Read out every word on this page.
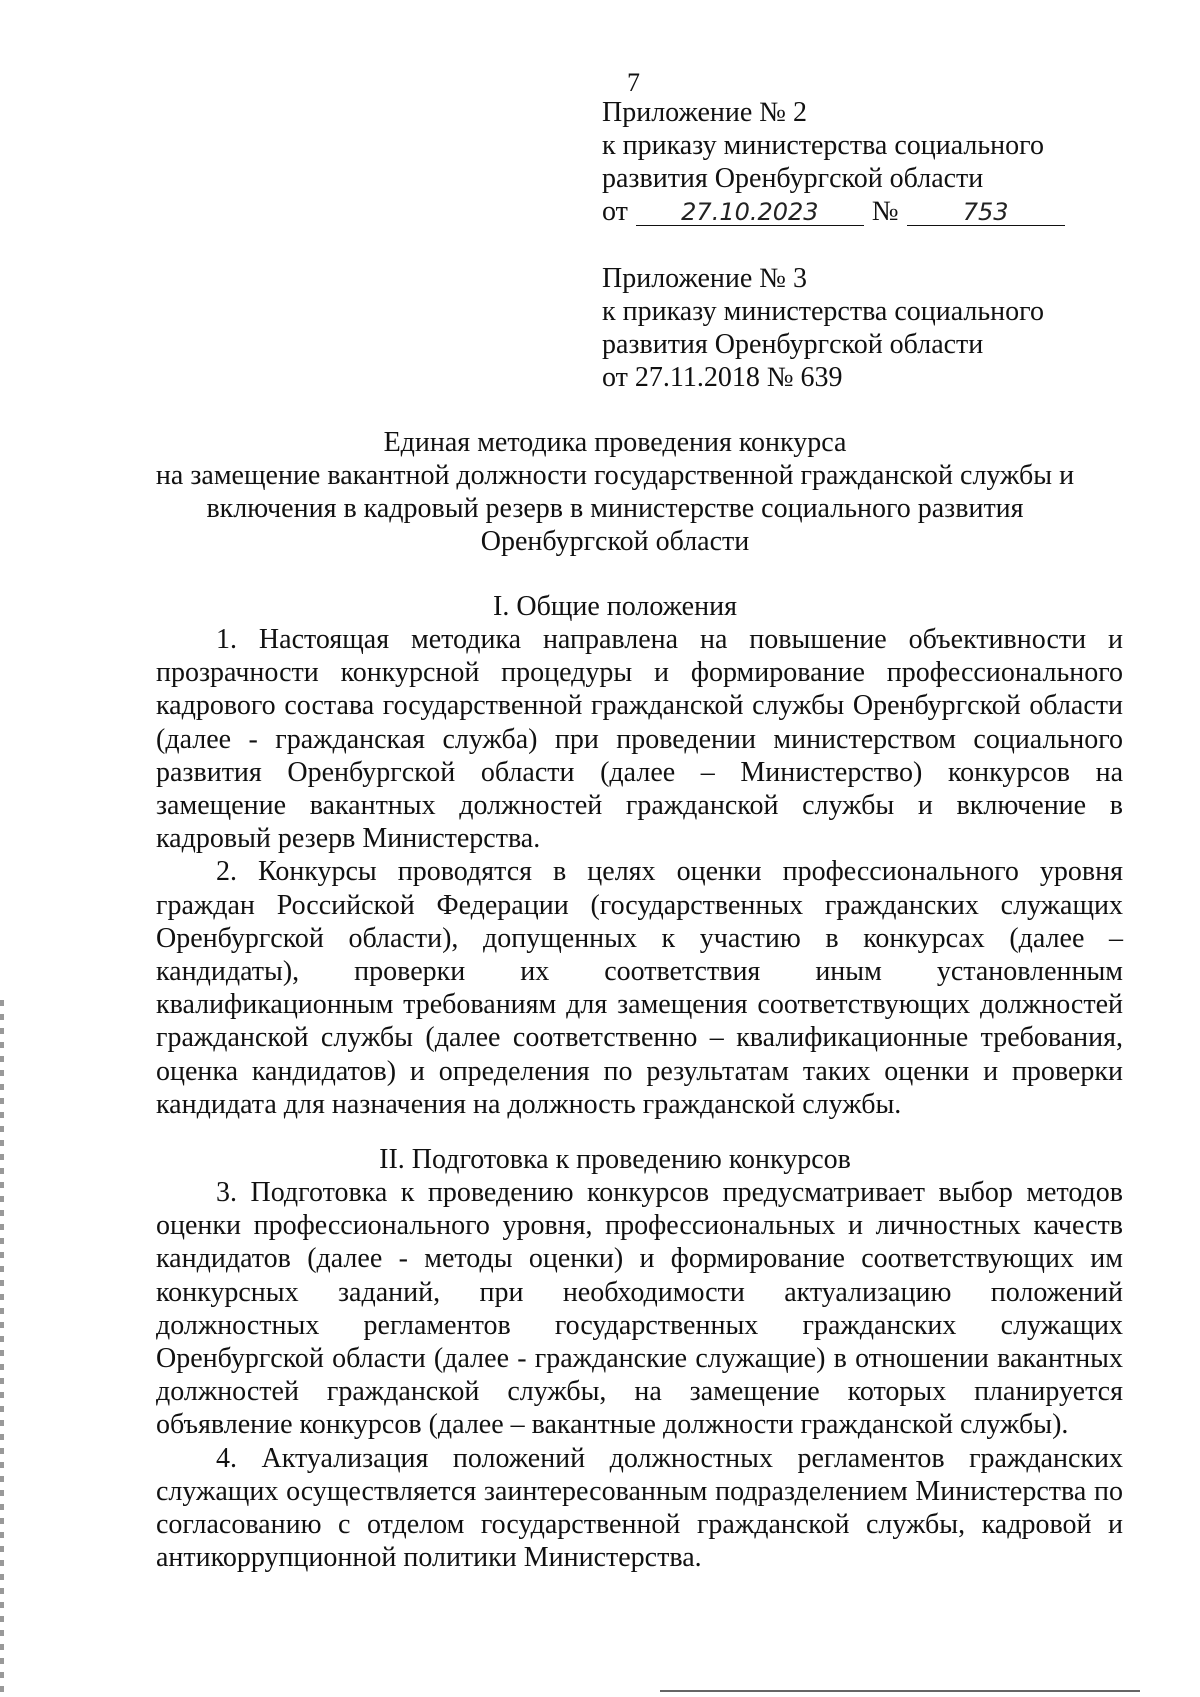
7
Приложение № 2
к приказу министерства социального
развития Оренбургской области
от 27.10.2023 №	753
Приложение № 3
к приказу министерства социального
развития Оренбургской области
от 27.11.2018 № 639
Единая методика проведения конкурса
на замещение вакантной должности государственной гражданской службы и
включения в кадровый резерв в министерстве социального развития
Оренбургской области
I. Общие положения

1. Настоящая методика направлена на повышение объективности и прозрачности конкурсной процедуры и формирование профессионального кадрового состава государственной гражданской службы Оренбургской области (далее - гражданская служба) при проведении министерством социального развития Оренбургской области (далее – Министерство) конкурсов на замещение вакантных должностей гражданской службы и включение в кадровый резерв Министерства.

2. Конкурсы проводятся в целях оценки профессионального уровня граждан Российской Федерации (государственных гражданских служащих Оренбургской области), допущенных к участию в конкурсах (далее – кандидаты), проверки их соответствия иным установленным квалификационным требованиям для замещения соответствующих должностей гражданской службы (далее соответственно – квалификационные требования, оценка кандидатов) и определения по результатам таких оценки и проверки кандидата для назначения на должность гражданской службы.

II. Подготовка к проведению конкурсов

3. Подготовка к проведению конкурсов предусматривает выбор методов оценки профессионального уровня, профессиональных и личностных качеств кандидатов (далее - методы оценки) и формирование соответствующих им конкурсных заданий, при необходимости актуализацию положений должностных регламентов государственных гражданских служащих Оренбургской области (далее - гражданские служащие) в отношении вакантных должностей гражданской службы, на замещение которых планируется объявление конкурсов (далее – вакантные должности гражданской службы).

4. Актуализация положений должностных регламентов гражданских служащих осуществляется заинтересованным подразделением Министерства по согласованию с отделом государственной гражданской службы, кадровой и антикоррупционной политики Министерства.
